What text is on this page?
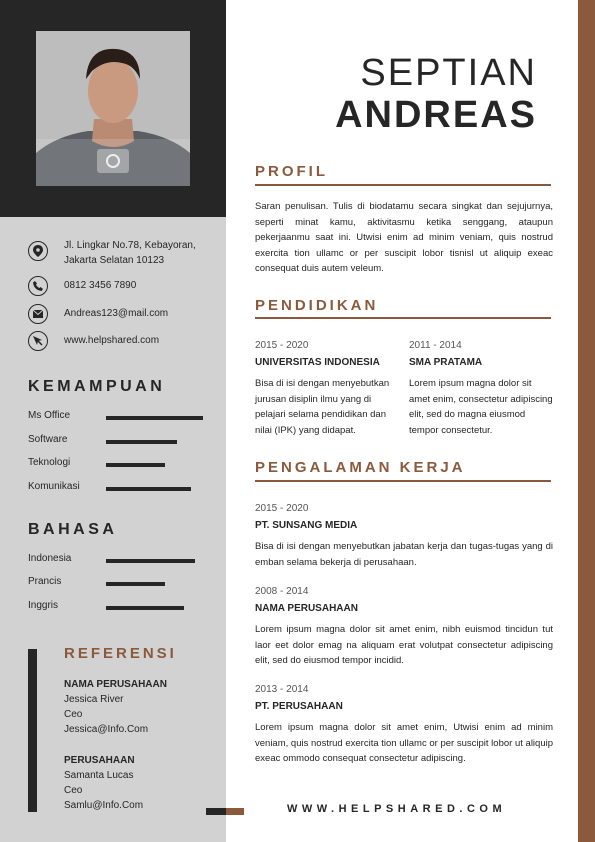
Jl. Lingkar No.78, Kebayoran,
Jakarta Selatan 10123
0812 3456 7890
Andreas123@mail.com
www.helpshared.com
KEMAMPUAN
Ms Office
Software
Teknologi
Komunikasi
BAHASA
Indonesia
Prancis
Inggris
REFERENSI
NAMA PERUSAHAAN
Jessica River
Ceo
Jessica@Info.Com
PERUSAHAAN
Samanta Lucas
Ceo
Samlu@Info.Com
SEPTIAN
ANDREAS
PROFIL
Saran penulisan. Tulis di biodatamu secara singkat dan sejujurnya, seperti minat kamu, aktivitasmu ketika senggang, ataupun pekerjaanmu saat ini. Utwisi enim ad minim veniam, quis nostrud exercita tion ullamc or per suscipit lobor tisnisl ut aliquip exeac consequat duis autem veleum.
PENDIDIKAN
2015 - 2020
UNIVERSITAS INDONESIA
Bisa di isi dengan menyebutkan jurusan disiplin ilmu yang di pelajari selama pendidikan dan nilai (IPK) yang didapat.
2011 - 2014
SMA PRATAMA
Lorem ipsum magna dolor sit amet enim, consectetur adipiscing elit, sed do magna eiusmod tempor consectetur.
PENGALAMAN KERJA
2015 - 2020
PT. SUNSANG MEDIA
Bisa di isi dengan menyebutkan jabatan kerja dan tugas-tugas yang di emban selama bekerja di perusahaan.
2008 - 2014
NAMA PERUSAHAAN
Lorem ipsum magna dolor sit amet enim, nibh euismod tincidun tut laor eet dolor emag na aliquam erat volutpat consectetur adipiscing elit, sed do eiusmod tempor incidid.
2013 - 2014
PT. PERUSAHAAN
Lorem ipsum magna dolor sit amet enim, Utwisi enim ad minim veniam, quis nostrud exercita tion ullamc or per suscipit lobor ut aliquip exeac ommodo consequat consectetur adipiscing.
WWW.HELPSHARED.COM
